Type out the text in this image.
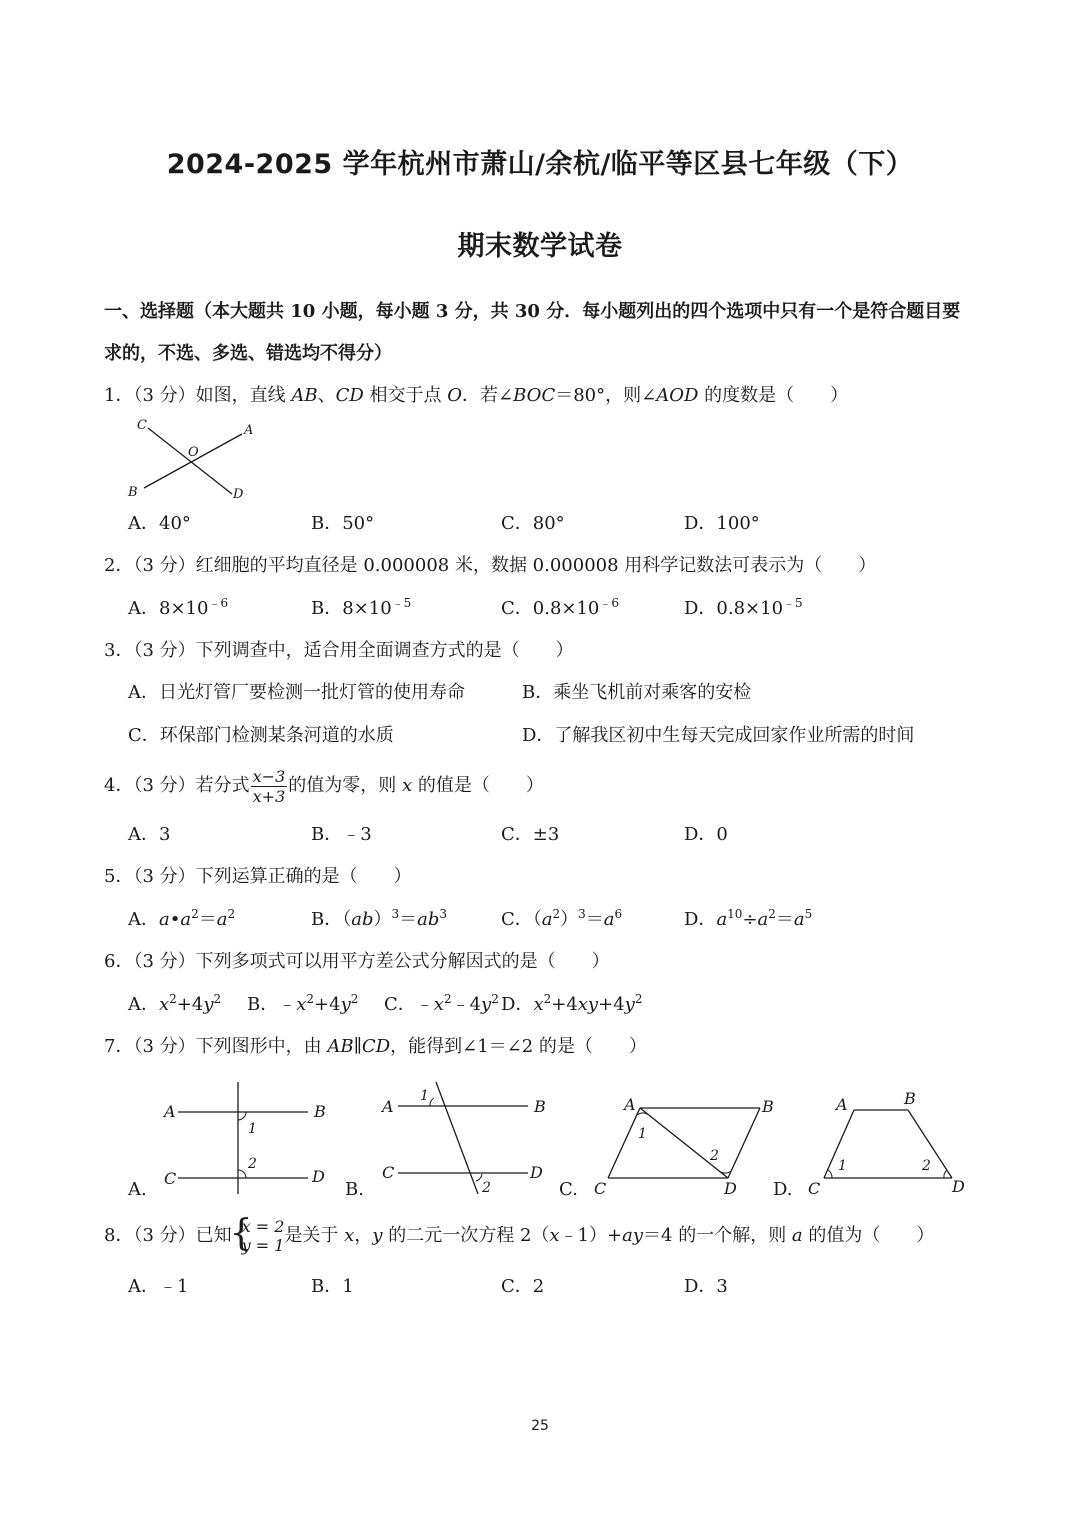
2024-2025 学年杭州市萧山/余杭/临平等区县七年级（下）
期末数学试卷
一、选择题（本大题共 10 小题，每小题 3 分，共 30 分．每小题列出的四个选项中只有一个是符合题目要
求的，不选、多选、错选均不得分）
1．（3 分）如图，直线 AB、CD 相交于点 O．若∠BOC＝80°，则∠AOD 的度数是（　　）
C	A
O
B	D
A．40°	B．50°	C．80°	D．100°
2．（3 分）红细胞的平均直径是 0.000008 米，数据 0.000008 用科学记数法可表示为（　　）
A．$8\times 10^{﹣6}$	B．$8\times 10^{﹣5}$	C．$0.8\times 10^{﹣6}$	D．$0.8\times 10^{﹣5}$
3．（3 分）下列调查中，适合用全面调查方式的是（　　）
A．日光灯管厂要检测一批灯管的使用寿命	B．乘坐飞机前对乘客的安检
C．环保部门检测某条河道的水质	D．了解我区初中生每天完成回家作业所需的时间
4．（3 分）若分式 $\frac{x-3}{x+3}$ 的值为零，则 x 的值是（　　）
A．3	B．﹣3	C．±3	D．0
5．（3 分）下列运算正确的是（　　）
A．$a•a^2=a^2$	B．$(ab)^3=ab^3$	C．$(a^2)^3=a^6$	D．$a^{10}\div a^2=a^5$
6．（3 分）下列多项式可以用平方差公式分解因式的是（　　）
A．$x^2+4y^2$ B．$﹣x^2+4y^2$ C．$﹣x^2﹣4y^2$ D．$x^2+4xy+4y^2$
7．（3 分）下列图形中，由 AB∥CD，能得到∠1＝∠2 的是（　　）
A.
A	B
C	D
1
2
B.
A	B
C	D
1
2	C.
A	B
C	D
1
2
D.
A	B
C	D
1	2
8．（3 分）已知
{
x = 2
y = 1 是关于 x，y 的二元一次方程 2（x﹣1）+ay＝4 的一个解，则 a 的值为（　　）
A．﹣1	B．1	C．2	D．3
25
